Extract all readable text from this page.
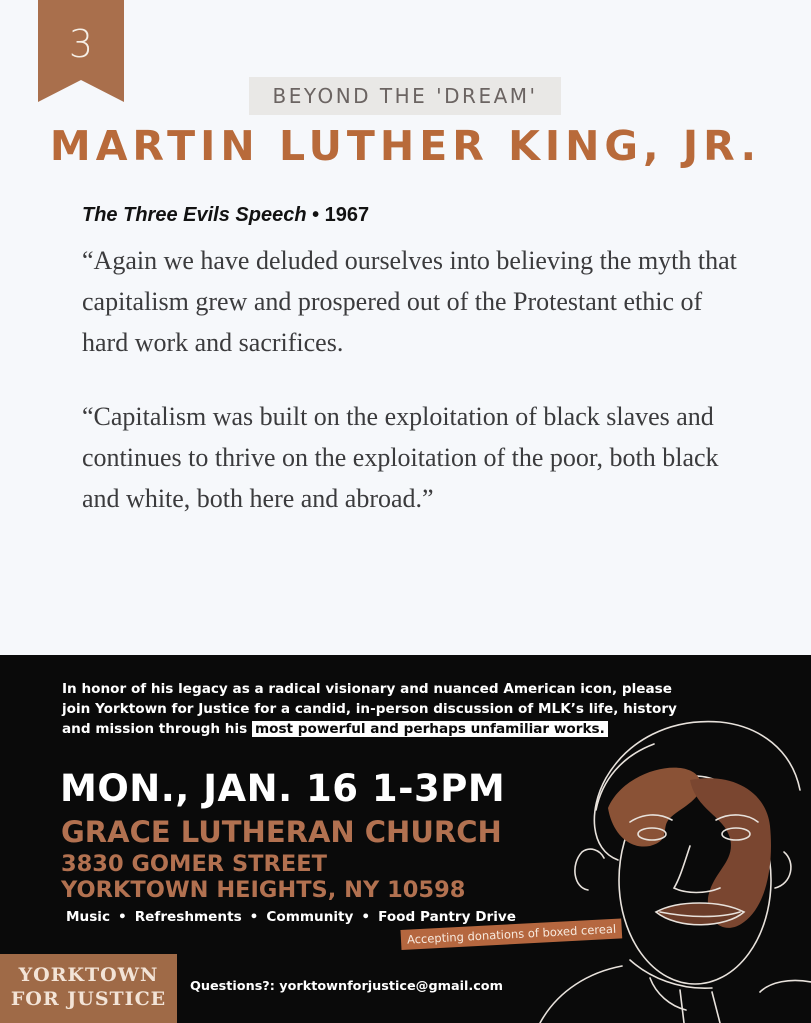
3
BEYOND THE 'DREAM'
MARTIN LUTHER KING, JR.
The Three Evils Speech • 1967
“Again we have deluded ourselves into believing the myth that capitalism grew and prospered out of the Protestant ethic of hard work and sacrifices.
“Capitalism was built on the exploitation of black slaves and continues to thrive on the exploitation of the poor, both black and white, both here and abroad.”
In honor of his legacy as a radical visionary and nuanced American icon, please join Yorktown for Justice for a candid, in-person discussion of MLK’s life, history and mission through his most powerful and perhaps unfamiliar works.
MON., JAN. 16 1-3PM
GRACE LUTHERAN CHURCH
3830 GOMER STREET
YORKTOWN HEIGHTS, NY 10598
Music • Refreshments • Community • Food Pantry Drive
Accepting donations of boxed cereal
YORKTOWN
FOR JUSTICE
Questions?: yorktownforjustice@gmail.com
